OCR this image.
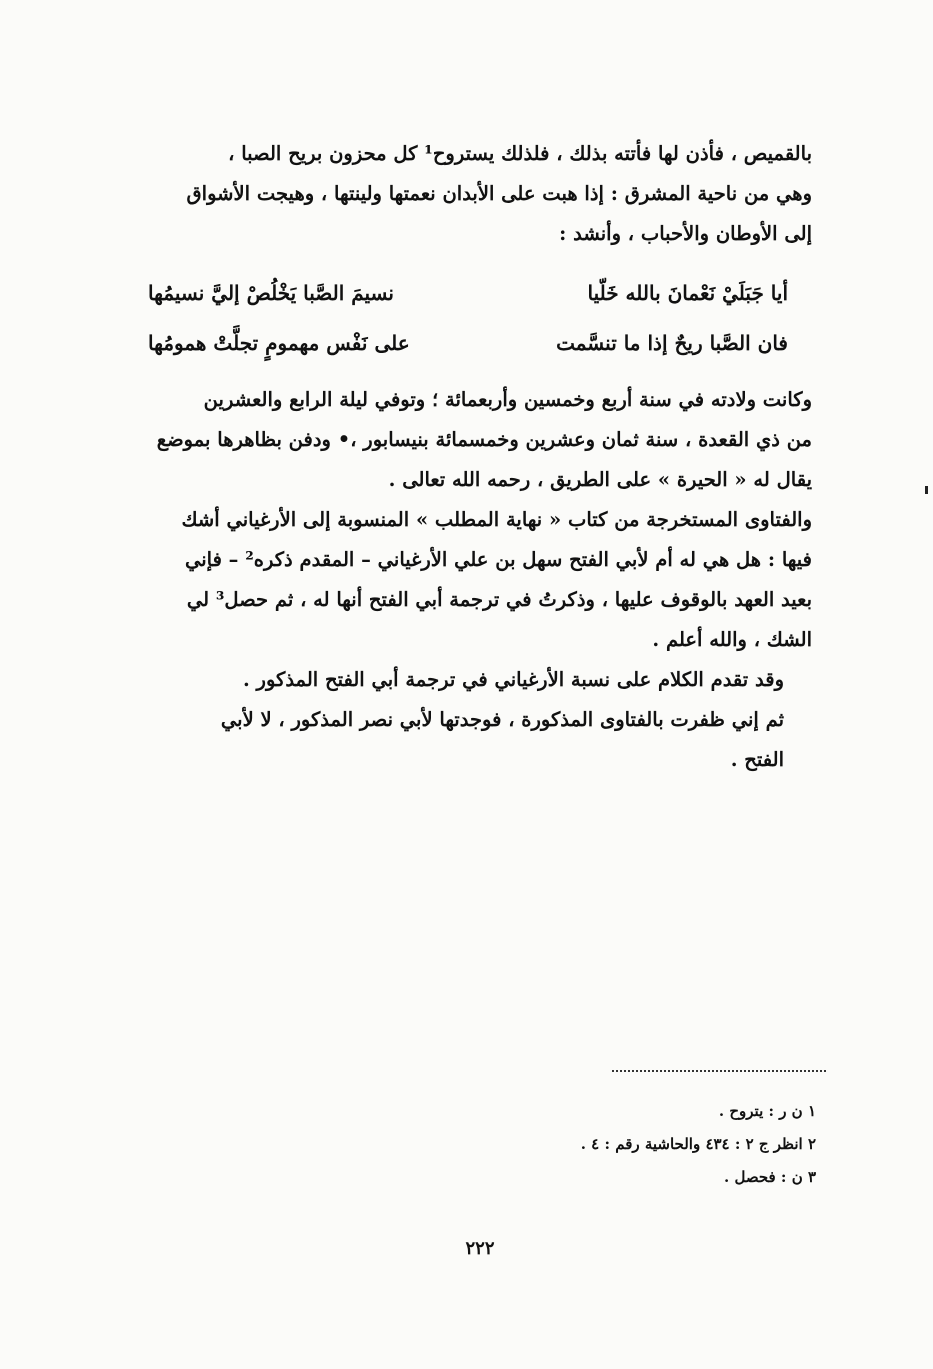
بالقميص ، فأذن لها فأتته بذلك ، فلذلك يستروح¹ كل محزون بريح الصبا ،
وهي من ناحية المشرق : إذا هبت على الأبدان نعمتها ولينتها ، وهيجت الأشواق
إلى الأوطان والأحباب ، وأنشد :
أيا جَبَلَيْ نَعْمانَ بالله خَلّيا
نسيمَ الصَّبا يَخْلُصْ إليَّ نسيمُها
فان الصَّبا ريحٌ إذا ما تنسَّمت
على نَفْس مهمومٍ تجلَّتْ همومُها
وكانت ولادته في سنة أربع وخمسين وأربعمائة ؛ وتوفي ليلة الرابع والعشرين
من ذي القعدة ، سنة ثمان وعشرين وخمسمائة بنيسابور ،• ودفن بظاهرها بموضع
يقال له « الحيرة » على الطريق ، رحمه الله تعالى .
والفتاوى المستخرجة من كتاب « نهاية المطلب » المنسوبة إلى الأرغياني أشك
فيها : هل هي له أم لأبي الفتح سهل بن علي الأرغياني – المقدم ذكره² – فإني
بعيد العهد بالوقوف عليها ، وذكرتُ في ترجمة أبي الفتح أنها له ، ثم حصل³ لي
الشك ، والله أعلم .
وقد تقدم الكلام على نسبة الأرغياني في ترجمة أبي الفتح المذكور .
ثم إني ظفرت بالفتاوى المذكورة ، فوجدتها لأبي نصر المذكور ، لا لأبي
الفتح .
١ ن ر : يتروح .
٢ انظر ج ٢ : ٤٣٤ والحاشية رقم : ٤ .
٣ ن : فحصل .
٢٢٢
